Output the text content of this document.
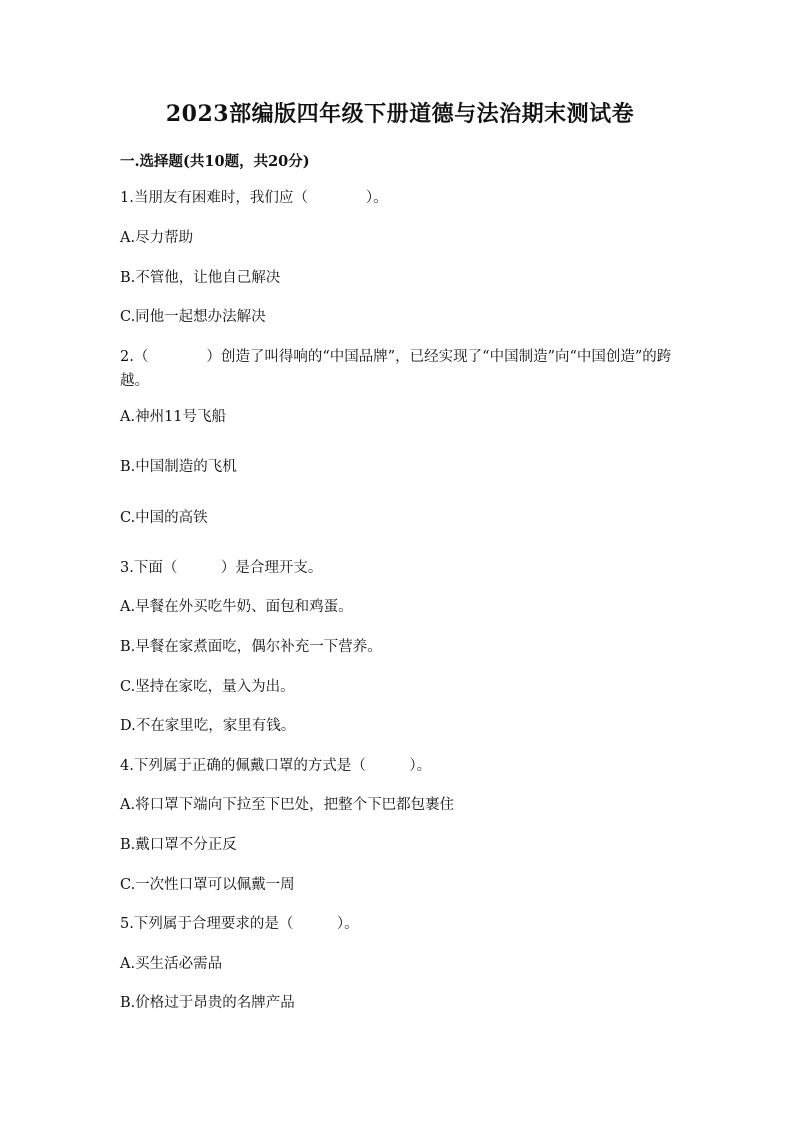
2023部编版四年级下册道德与法治期末测试卷
一.选择题(共10题，共20分)
1.当朋友有困难时，我们应（　　　　）。
A.尽力帮助
B.不管他，让他自己解决
C.同他一起想办法解决
2.（　　　　）创造了叫得响的“中国品牌”，已经实现了“中国制造”向“中国创造”的跨越。
A.神州11号飞船
B.中国制造的飞机
C.中国的高铁
3.下面（　　　）是合理开支。
A.早餐在外买吃牛奶、面包和鸡蛋。
B.早餐在家煮面吃，偶尔补充一下营养。
C.坚持在家吃，量入为出。
D.不在家里吃，家里有钱。
4.下列属于正确的佩戴口罩的方式是（　　　）。
A.将口罩下端向下拉至下巴处，把整个下巴都包裹住
B.戴口罩不分正反
C.一次性口罩可以佩戴一周
5.下列属于合理要求的是（　　　）。
A.买生活必需品
B.价格过于昂贵的名牌产品
